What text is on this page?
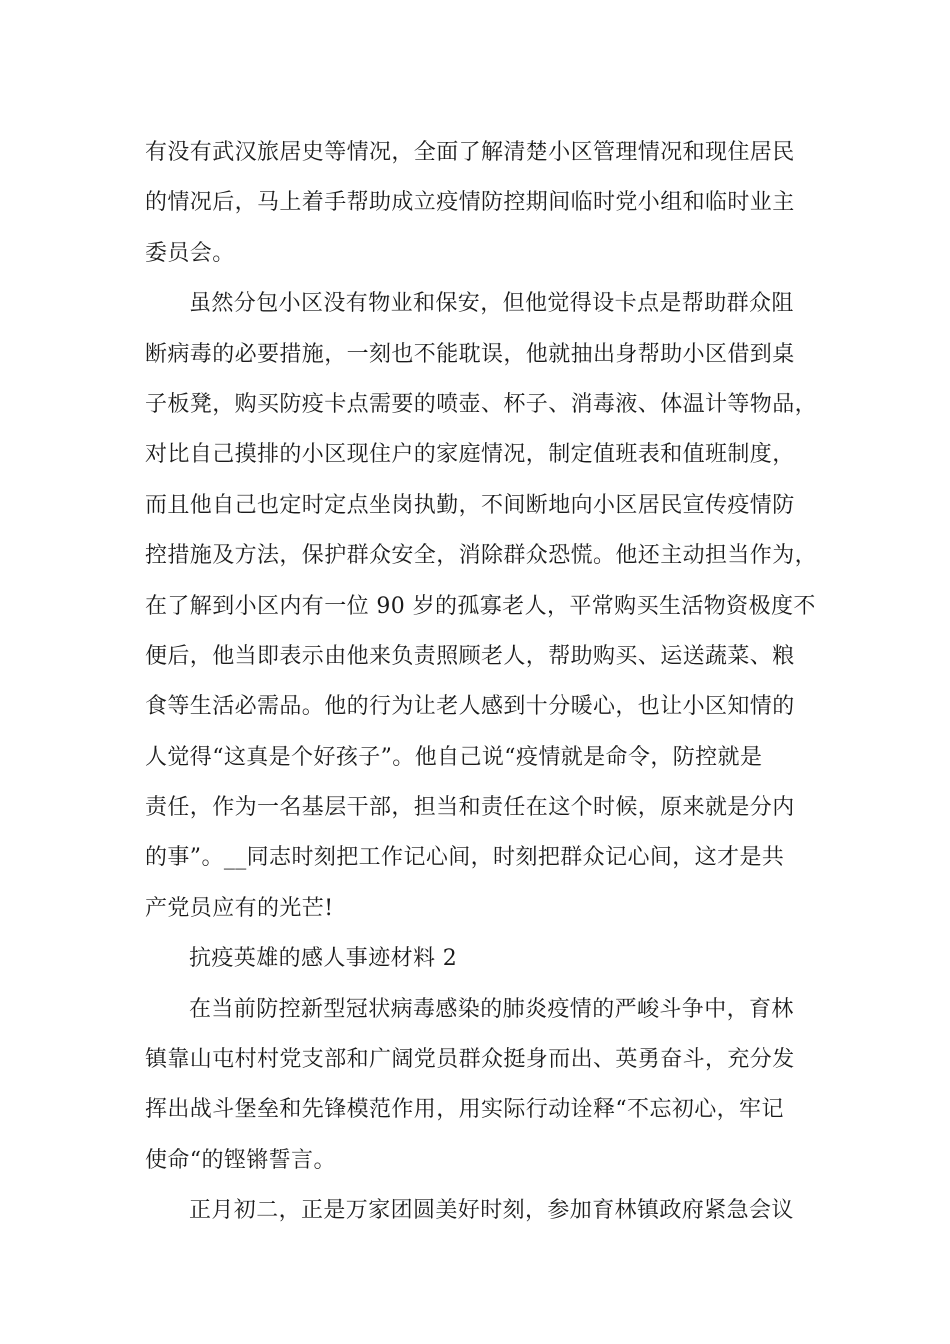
有没有武汉旅居史等情况，全面了解清楚小区管理情况和现住居民
的情况后，马上着手帮助成立疫情防控期间临时党小组和临时业主
委员会。
虽然分包小区没有物业和保安，但他觉得设卡点是帮助群众阻
断病毒的必要措施，一刻也不能耽误，他就抽出身帮助小区借到桌
子板凳，购买防疫卡点需要的喷壶、杯子、消毒液、体温计等物品，
对比自己摸排的小区现住户的家庭情况，制定值班表和值班制度，
而且他自己也定时定点坐岗执勤，不间断地向小区居民宣传疫情防
控措施及方法，保护群众安全，消除群众恐慌。他还主动担当作为，
在了解到小区内有一位 90 岁的孤寡老人，平常购买生活物资极度不
便后，他当即表示由他来负责照顾老人，帮助购买、运送蔬菜、粮
食等生活必需品。他的行为让老人感到十分暖心，也让小区知情的
人觉得“这真是个好孩子”。他自己说“疫情就是命令，防控就是
责任，作为一名基层干部，担当和责任在这个时候，原来就是分内
的事”。__同志时刻把工作记心间，时刻把群众记心间，这才是共
产党员应有的光芒!
抗疫英雄的感人事迹材料 2
在当前防控新型冠状病毒感染的肺炎疫情的严峻斗争中，育林
镇靠山屯村村党支部和广阔党员群众挺身而出、英勇奋斗，充分发
挥出战斗堡垒和先锋模范作用，用实际行动诠释“不忘初心，牢记
使命“的铿锵誓言。
正月初二，正是万家团圆美好时刻，参加育林镇政府紧急会议
